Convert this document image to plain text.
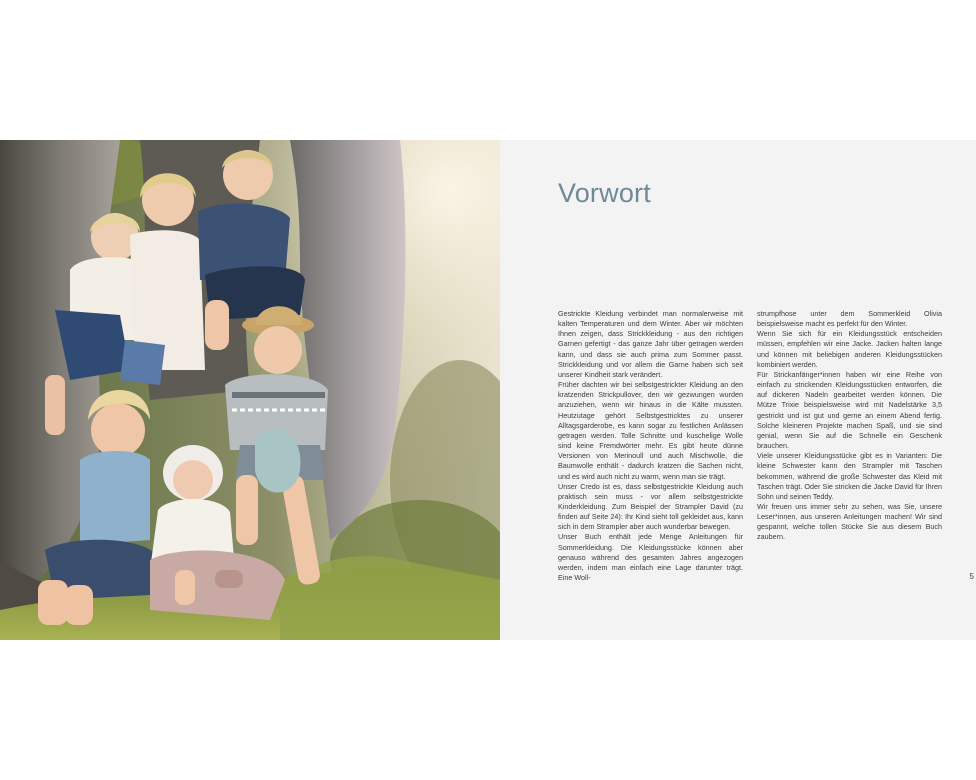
Vorwort

Gestrickte Kleidung verbindet man normalerweise mit kalten Temperaturen und dem Winter. Aber wir möchten Ihnen zeigen, dass Strickkleidung - aus den richtigen Garnen gefertigt - das ganze Jahr über getragen werden kann, und dass sie auch prima zum Sommer passt. Strickkleidung und vor allem die Garne haben sich seit unserer Kindheit stark verändert.

Früher dachten wir bei selbstgestrickter Kleidung an den kratzenden Strickpullover, den wir gezwungen wurden anzuziehen, wenn wir hinaus in die Kälte mussten. Heutzutage gehört Selbstgestricktes zu unserer Alltagsgarderobe, es kann sogar zu festlichen Anlässen getragen werden. Tolle Schnitte und kuschelige Wolle sind keine Fremdwörter mehr. Es gibt heute dünne Versionen von Merinoull und auch Mischwolle, die Baumwolle enthält - dadurch kratzen die Sachen nicht, und es wird auch nicht zu warm, wenn man sie trägt.

Unser Credo ist es, dass selbstgestrickte Kleidung auch praktisch sein muss - vor allem selbstgestrickte Kinderkleidung. Zum Beispiel der Strampler David (zu finden auf Seite 24): Ihr Kind sieht toll gekleidet aus, kann sich in dem Strampler aber auch wunderbar bewegen.

Unser Buch enthält jede Menge Anleitungen für Sommerkleidung. Die Kleidungsstücke können aber genauso während des gesamten Jahres angezogen werden, indem man einfach eine Lage darunter trägt. Eine Woll-

strumpfhose unter dem Sommerkleid Olivia beispielsweise macht es perfekt für den Winter.

Wenn Sie sich für ein Kleidungsstück entscheiden müssen, empfehlen wir eine Jacke. Jacken halten lange und können mit beliebigen anderen Kleidungsstücken kombiniert werden.

Für Strickanfänger*innen haben wir eine Reihe von einfach zu strickenden Kleidungsstücken entworfen, die auf dickeren Nadeln gearbeitet werden können. Die Mütze Trixie beispielsweise wird mit Nadelstärke 3,5 gestrickt und ist gut und gerne an einem Abend fertig. Solche kleineren Projekte machen Spaß, und sie sind genial, wenn Sie auf die Schnelle ein Geschenk brauchen.

Viele unserer Kleidungsstücke gibt es in Varianten: Die kleine Schwester kann den Strampler mit Taschen bekommen, während die große Schwester das Kleid mit Taschen trägt. Oder Sie stricken die Jacke David für Ihren Sohn und seinen Teddy.

Wir freuen uns immer sehr zu sehen, was Sie, unsere Leser*innen, aus unseren Anleitungen machen! Wir sind gespannt, welche tollen Stücke Sie aus diesem Buch zaubern.

5
